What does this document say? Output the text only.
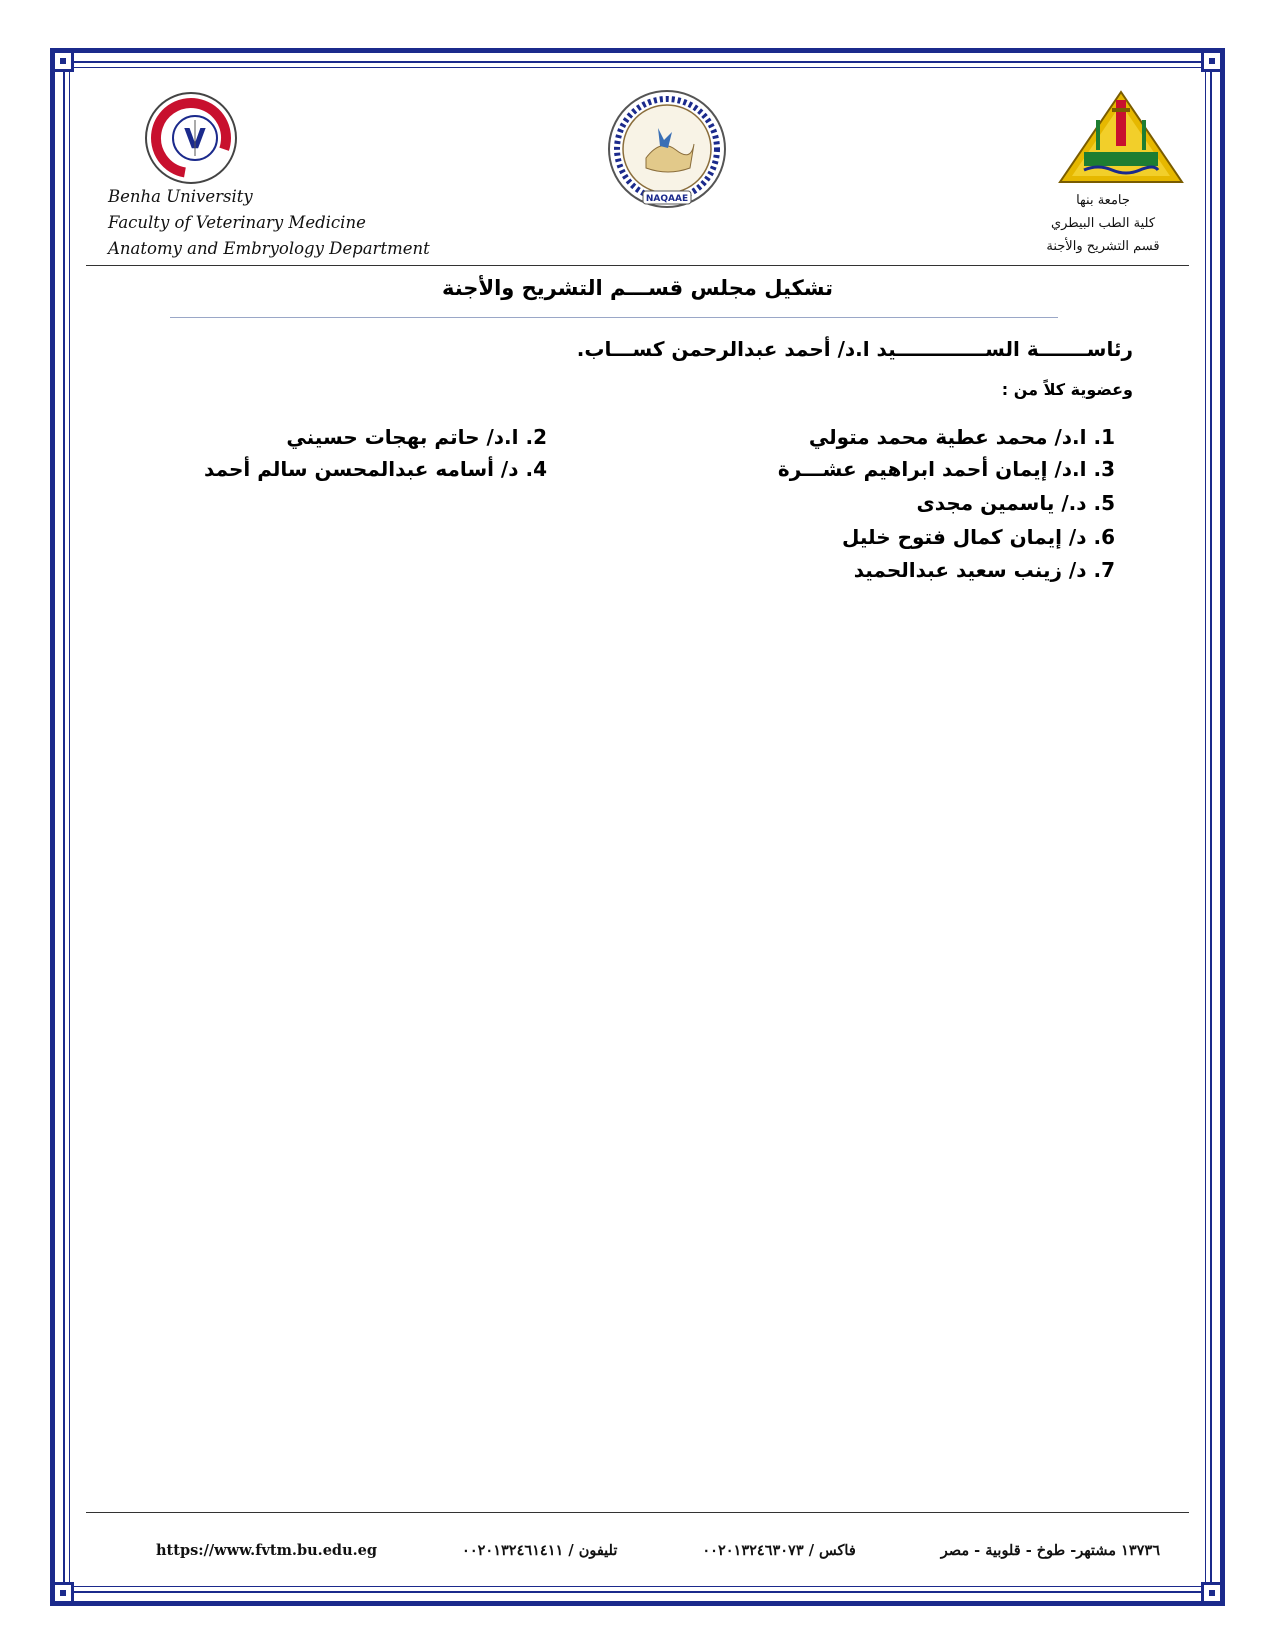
V
NAQAAE
Benha University
Faculty of Veterinary Medicine
Anatomy and Embryology Department
جامعة بنها
كلية الطب البيطري
قسم التشريح والأجنة
تشكيل مجلس قســـم التشريح والأجنة
رئاســـــــة الســـــــــــــيد ا.د/ أحمد عبدالرحمن كســـاب.
وعضوية كلاً من :
1. ا.د/ محمد عطية محمد متولي
2. ا.د/ حاتم بهجات حسيني
3. ا.د/ إيمان أحمد ابراهيم عشـــرة
4. د/ أسامه عبدالمحسن سالم أحمد
5. د./ ياسمين مجدى
6. د/ إيمان كمال فتوح خليل
7. د/ زينب سعيد عبدالحميد
https://www.fvtm.bu.edu.eg	تليفون / ٠٠٢٠١٣٢٤٦١٤١١	فاكس / ٠٠٢٠١٣٢٤٦٣٠٧٣	١٣٧٣٦ مشتهر- طوخ - قلوبية - مصر
